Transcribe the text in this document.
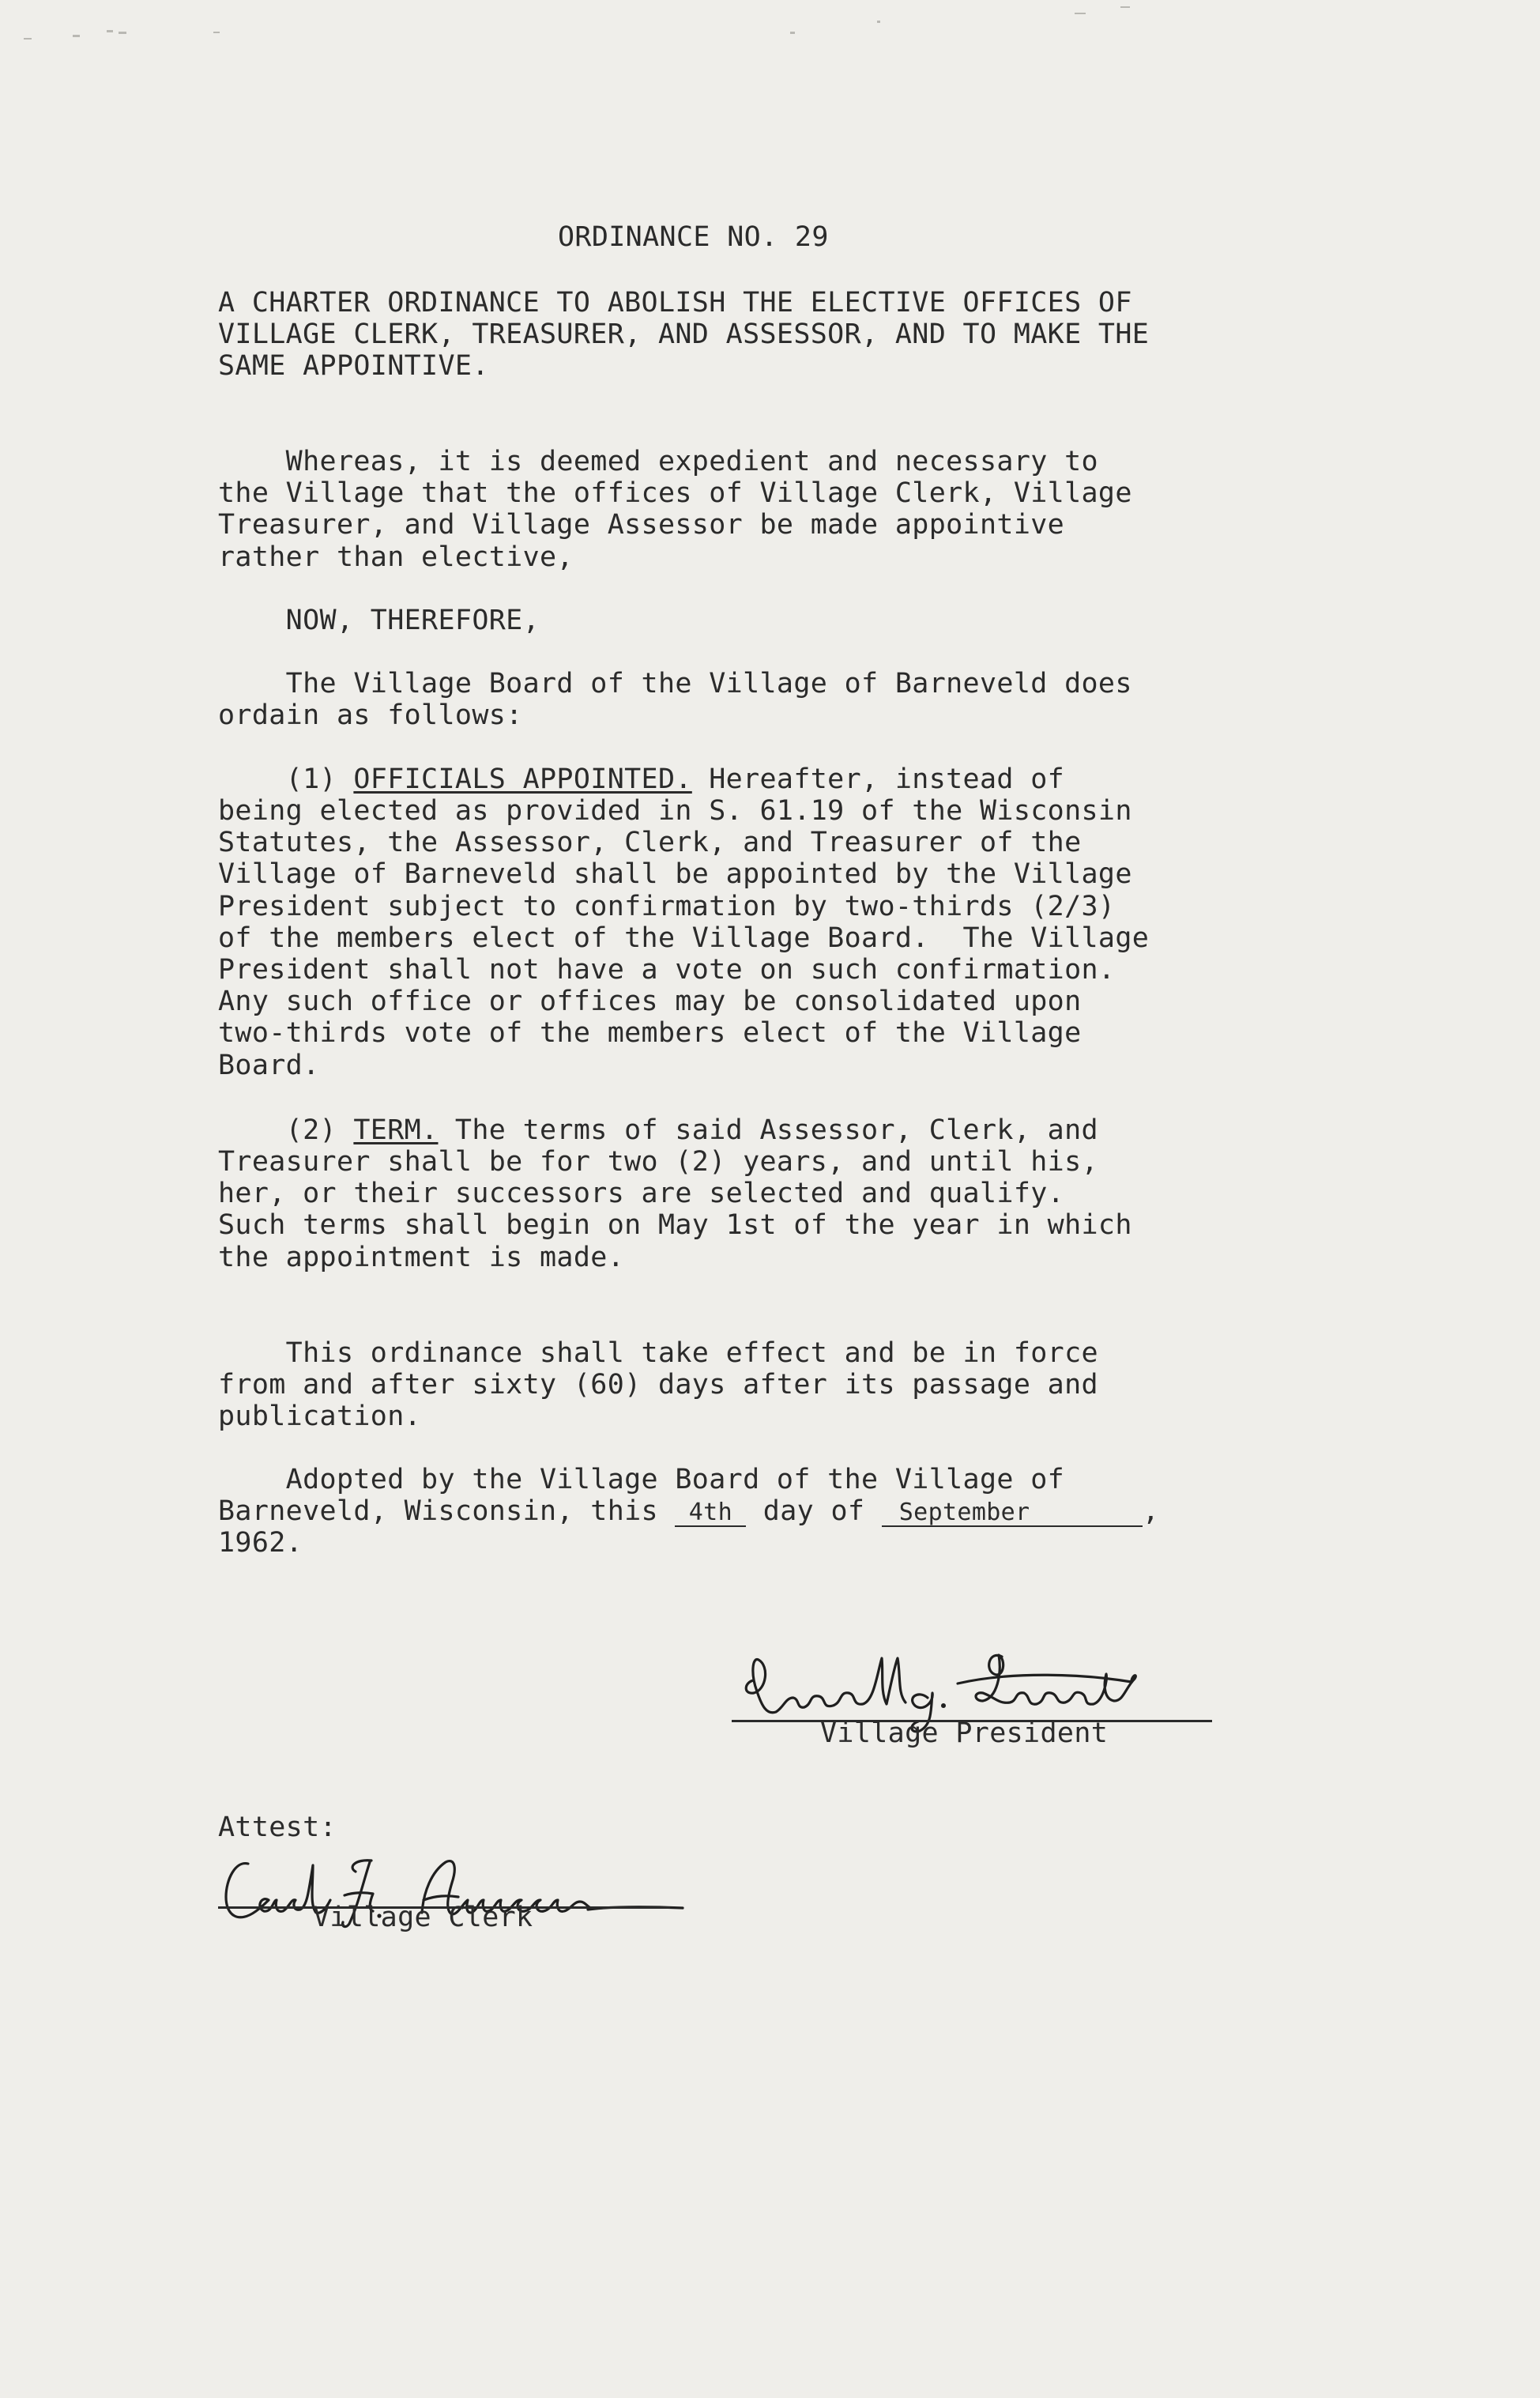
ORDINANCE NO. 29
A CHARTER ORDINANCE TO ABOLISH THE ELECTIVE OFFICES OF
VILLAGE CLERK, TREASURER, AND ASSESSOR, AND TO MAKE THE
SAME APPOINTIVE.
Whereas, it is deemed expedient and necessary to
the Village that the offices of Village Clerk, Village
Treasurer, and Village Assessor be made appointive
rather than elective,
NOW, THEREFORE,
The Village Board of the Village of Barneveld does
ordain as follows:
(1) OFFICIALS APPOINTED. Hereafter, instead of
being elected as provided in S. 61.19 of the Wisconsin
Statutes, the Assessor, Clerk, and Treasurer of the
Village of Barneveld shall be appointed by the Village
President subject to confirmation by two-thirds (2/3)
of the members elect of the Village Board.  The Village
President shall not have a vote on such confirmation.
Any such office or offices may be consolidated upon
two-thirds vote of the members elect of the Village
Board.
(2) TERM. The terms of said Assessor, Clerk, and
Treasurer shall be for two (2) years, and until his,
her, or their successors are selected and qualify.
Such terms shall begin on May 1st of the year in which
the appointment is made.
This ordinance shall take effect and be in force
from and after sixty (60) days after its passage and
publication.
Adopted by the Village Board of the Village of
Barneveld, Wisconsin, this 4th day of September	,
1962.
Village President
Attest:
Village Clerk
